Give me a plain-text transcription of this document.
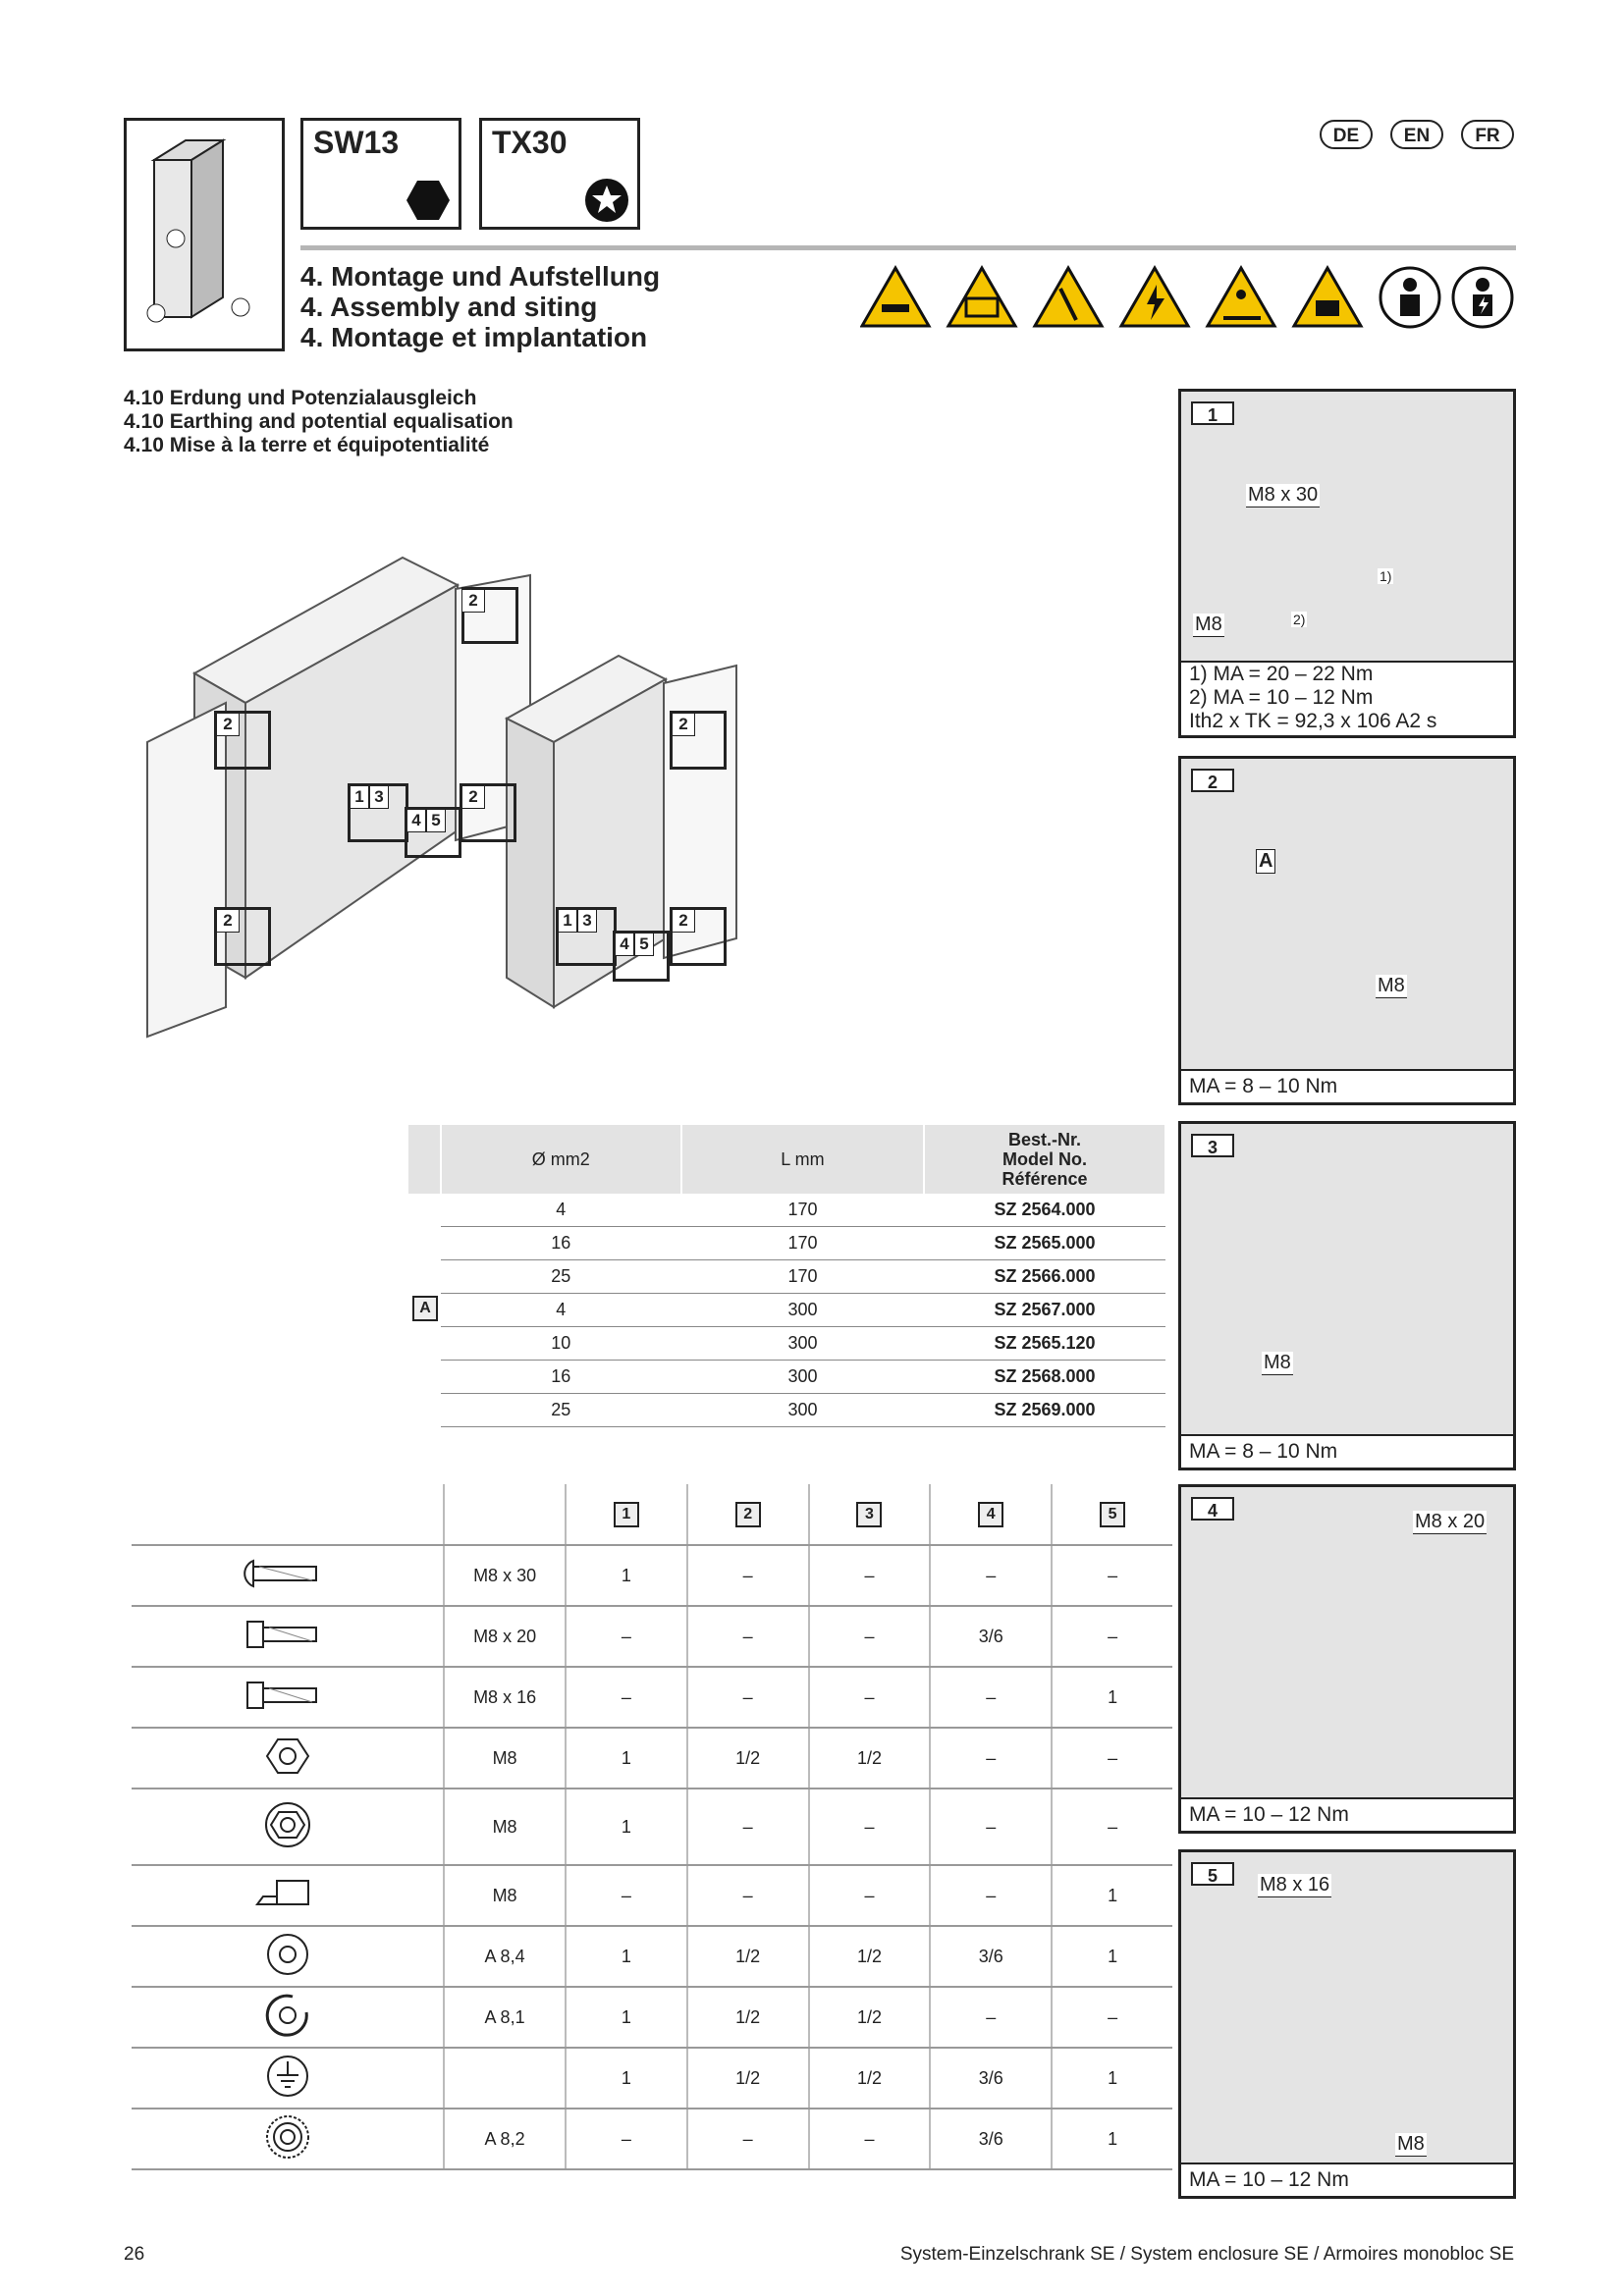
SW13	TX30	DE	EN	FR
4. Montage und Aufstellung
4. Assembly and siting
4. Montage et implantation
4.10 Erdung und Potenzialausgleich
4.10 Earthing and potential equalisation
4.10 Mise à la terre et équipotentialité
2
2	2
1 3	2
4 5
2	1 3	2
4 5
1
M8 x 30
M8
1)
2)
1) MA = 20 – 22 Nm
2) MA = 10 – 12 Nm
Ith2 x TK = 92,3 x 106 A2 s
2
A
M8
MA = 8 – 10 Nm
3
M8
MA = 8 – 10 Nm
4	M8 x 20
MA = 10 – 12 Nm
5	M8 x 16
M8
MA = 10 – 12 Nm
	Ø mm2	L mm	Best.-Nr.
Model No.
Référence

	4	170	SZ 2564.000
	16	170	SZ 2565.000
	25	170	SZ 2566.000
	4	300	SZ 2567.000
	10	300	SZ 2565.120
	16	300	SZ 2568.000
	25	300	SZ 2569.000
A
		1	2	3	4	5
	M8 x 30	1	–	–	–	–
	M8 x 20	–	–	–	3/6	–
	M8 x 16	–	–	–	–	1
	M8	1	1/2	1/2	–	–
	M8	1	–	–	–	–
	M8	–	–	–	–	1
	A 8,4	1	1/2	1/2	3/6	1
	A 8,1	1	1/2	1/2	–	–
		1	1/2	1/2	3/6	1
	A 8,2	–	–	–	3/6	1
26	System-Einzelschrank SE / System enclosure SE / Armoires monobloc SE
